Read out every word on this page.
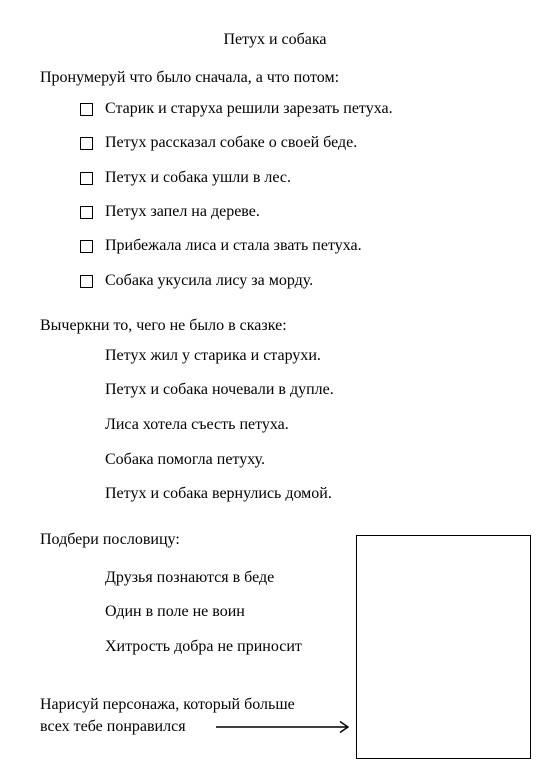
Петух и собака
Пронумеруй что было сначала, а что потом:
Старик и старуха решили зарезать петуха.
Петух рассказал собаке о своей беде.
Петух и собака ушли в лес.
Петух запел на дереве.
Прибежала лиса и стала звать петуха.
Собака укусила лису за морду.
Вычеркни то, чего не было в сказке:
Петух жил у старика и старухи.
Петух и собака ночевали в дупле.
Лиса хотела съесть петуха.
Собака помогла петуху.
Петух и собака вернулись домой.
Подбери пословицу:
Друзья познаются в беде
Один в поле не воин
Хитрость добра не приносит
Нарисуй персонажа, который больше
всех тебе понравился
